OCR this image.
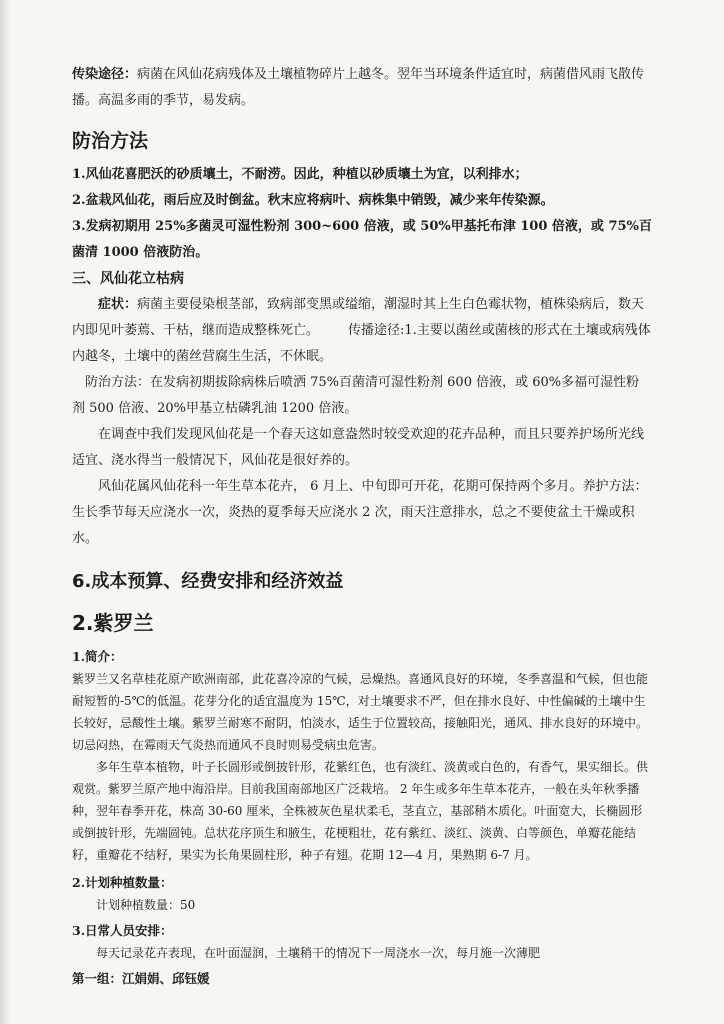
传染途径：病菌在风仙花病残体及土壤植物碎片上越冬。翌年当环境条件适宜时，病菌借风雨飞散传播。高温多雨的季节，易发病。

防治方法

1.风仙花喜肥沃的砂质壤土，不耐涝。因此，种植以砂质壤土为宜，以利排水；

2.盆栽风仙花，雨后应及时倒盆。秋末应将病叶、病株集中销毁，减少来年传染源。

3.发病初期用 25%多菌灵可湿性粉剂 300~600 倍液，或 50%甲基托布津 100 倍液，或 75%百菌清 1000 倍液防治。

三、风仙花立枯病

症状：病菌主要侵染根茎部，致病部变黑或缢缩，潮湿时其上生白色霉状物，植株染病后，数天内即见叶萎蔫、干枯，继而造成整株死亡。 传播途径:1.主要以菌丝或菌核的形式在土壤或病残体内越冬，土壤中的菌丝营腐生生活，不休眠。

防治方法：在发病初期拔除病株后喷洒 75%百菌清可湿性粉剂 600 倍液，或 60%多福可湿性粉剂 500 倍液、20%甲基立枯磷乳油 1200 倍液。

在调查中我们发现风仙花是一个春天这如意盎然时较受欢迎的花卉品种，而且只要养护场所光线适宜、浇水得当一般情况下，风仙花是很好养的。

风仙花属风仙花科一年生草本花卉， 6 月上、中旬即可开花，花期可保持两个多月。养护方法：生长季节每天应浇水一次，炎热的夏季每天应浇水 2 次，雨天注意排水，总之不要使盆土干燥或积水。

6.成本预算、经费安排和经济效益
2.紫罗兰

1.简介：

紫罗兰又名草桂花原产欧洲南部，此花喜冷凉的气候，忌燥热。喜通风良好的环境，冬季喜温和气候，但也能耐短暂的-5℃的低温。花芽分化的适宜温度为 15℃，对土壤要求不严，但在排水良好、中性偏碱的土壤中生长较好，忌酸性土壤。紫罗兰耐寒不耐阴，怕淡水，适生于位置较高，接触阳光，通风、排水良好的环境中。切忌闷热，在霉雨天气炎热而通风不良时则易受病虫危害。

多年生草本植物，叶子长圆形或倒披针形，花紫红色，也有淡红、淡黄或白色的，有香气，果实细长。供观赏。紫罗兰原产地中海沿岸。目前我国南部地区广泛栽培。 2 年生或多年生草本花卉，一般在头年秋季播种，翌年春季开花，株高 30-60 厘米，全株被灰色星状柔毛，茎直立，基部稍木质化。叶面宽大，长椭圆形或倒披针形，先端圆钝。总状花序顶生和腋生，花梗粗壮，花有紫红、淡红、淡黄、白等颜色，单瓣花能结籽，重瓣花不结籽，果实为长角果圆柱形，种子有翅。花期 12—4 月，果熟期 6-7 月。

2.计划种植数量：

计划种植数量：50

3.日常人员安排：

每天记录花卉表现，在叶面湿润，土壤稍干的情况下一周浇水一次，每月施一次薄肥

第一组：江娟娟、邱钰媛
